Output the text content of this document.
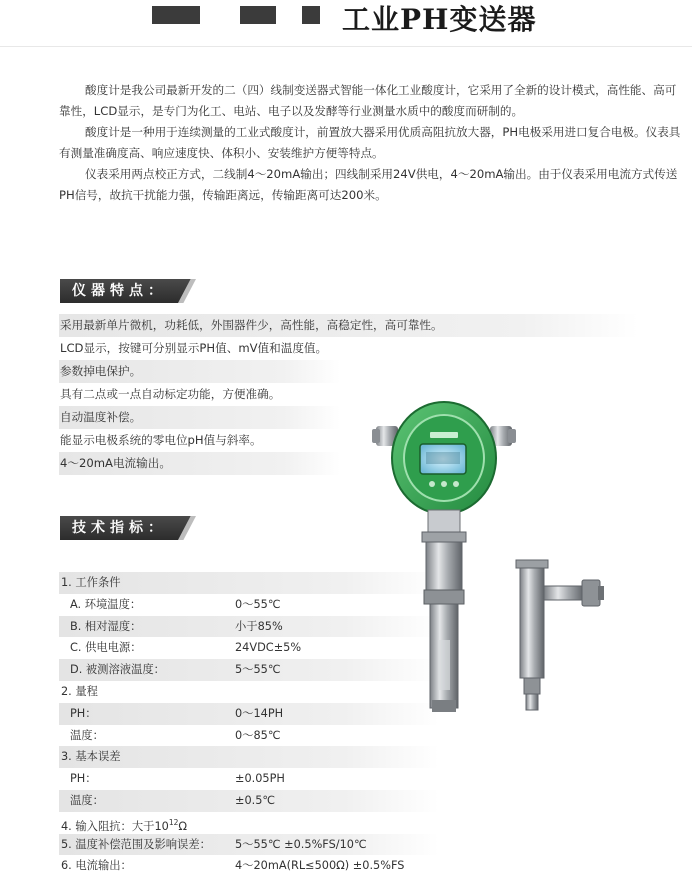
工业PH变送器

酸度计是我公司最新开发的二（四）线制变送器式智能一体化工业酸度计，它采用了全新的设计模式，高性能、高可靠性，LCD显示，是专门为化工、电站、电子以及发酵等行业测量水质中的酸度而研制的。

酸度计是一种用于连续测量的工业式酸度计，前置放大器采用优质高阻抗放大器，PH电极采用进口复合电极。仪表具有测量准确度高、响应速度快、体积小、安装维护方便等特点。

仪表采用两点校正方式，二线制4～20mA输出；四线制采用24V供电，4～20mA输出。由于仪表采用电流方式传送PH信号，故抗干扰能力强，传输距离远，传输距离可达200米。

仪器特点：
采用最新单片微机，功耗低，外围器件少，高性能，高稳定性，高可靠性。
LCD显示，按键可分别显示PH值、mV值和温度值。
参数掉电保护。
具有二点或一点自动标定功能，方便准确。
自动温度补偿。
能显示电极系统的零电位pH值与斜率。
4～20mA电流输出。
技术指标：
1. 工作条件
A. 环境温度：	0～55℃
B. 相对湿度：	小于85%
C. 供电电源：	24VDC±5%
D. 被测溶液温度：	5～55℃
2. 量程
PH：	0～14PH
温度：	0～85℃
3. 基本误差
PH：	±0.05PH
温度：	±0.5℃
4. 输入阻抗：大于$10^{12}\Omega$
5. 温度补偿范围及影响误差： 5～55℃ ±0.5%FS/10℃
6. 电流输出：	4～20mA(RL≤500Ω) ±0.5%FS
